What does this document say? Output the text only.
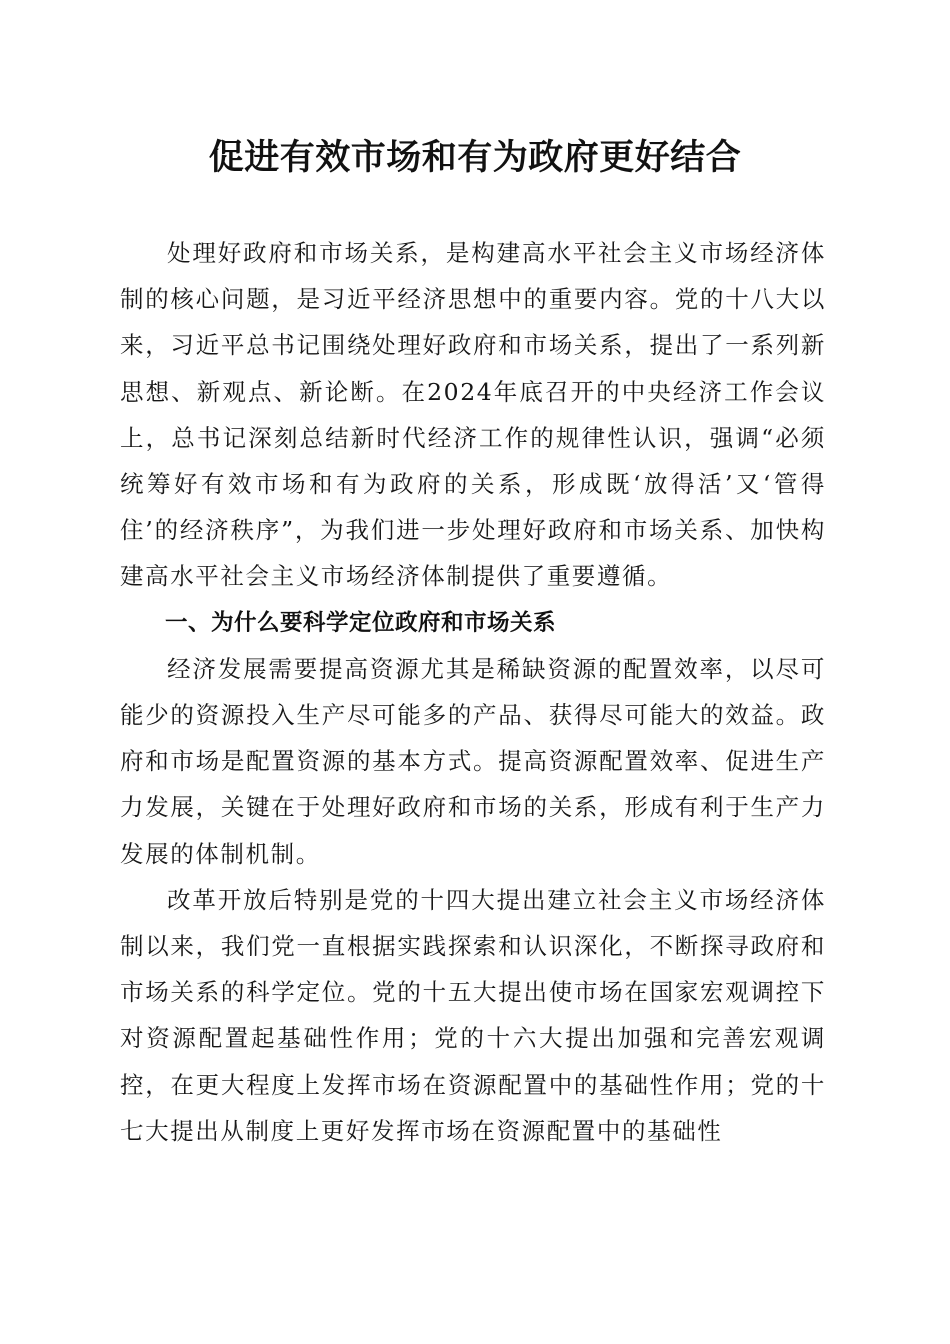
促进有效市场和有为政府更好结合

处理好政府和市场关系，是构建高水平社会主义市场经济体制的核心问题，是习近平经济思想中的重要内容。党的十八大以来，习近平总书记围绕处理好政府和市场关系，提出了一系列新思想、新观点、新论断。在2024年底召开的中央经济工作会议上，总书记深刻总结新时代经济工作的规律性认识，强调“必须统筹好有效市场和有为政府的关系，形成既‘放得活’又‘管得住’的经济秩序”，为我们进一步处理好政府和市场关系、加快构建高水平社会主义市场经济体制提供了重要遵循。

一、为什么要科学定位政府和市场关系

经济发展需要提高资源尤其是稀缺资源的配置效率，以尽可能少的资源投入生产尽可能多的产品、获得尽可能大的效益。政府和市场是配置资源的基本方式。提高资源配置效率、促进生产力发展，关键在于处理好政府和市场的关系，形成有利于生产力发展的体制机制。

改革开放后特别是党的十四大提出建立社会主义市场经济体制以来，我们党一直根据实践探索和认识深化，不断探寻政府和市场关系的科学定位。党的十五大提出使市场在国家宏观调控下对资源配置起基础性作用；党的十六大提出加强和完善宏观调控，在更大程度上发挥市场在资源配置中的基础性作用；党的十七大提出从制度上更好发挥市场在资源配置中的基础性
